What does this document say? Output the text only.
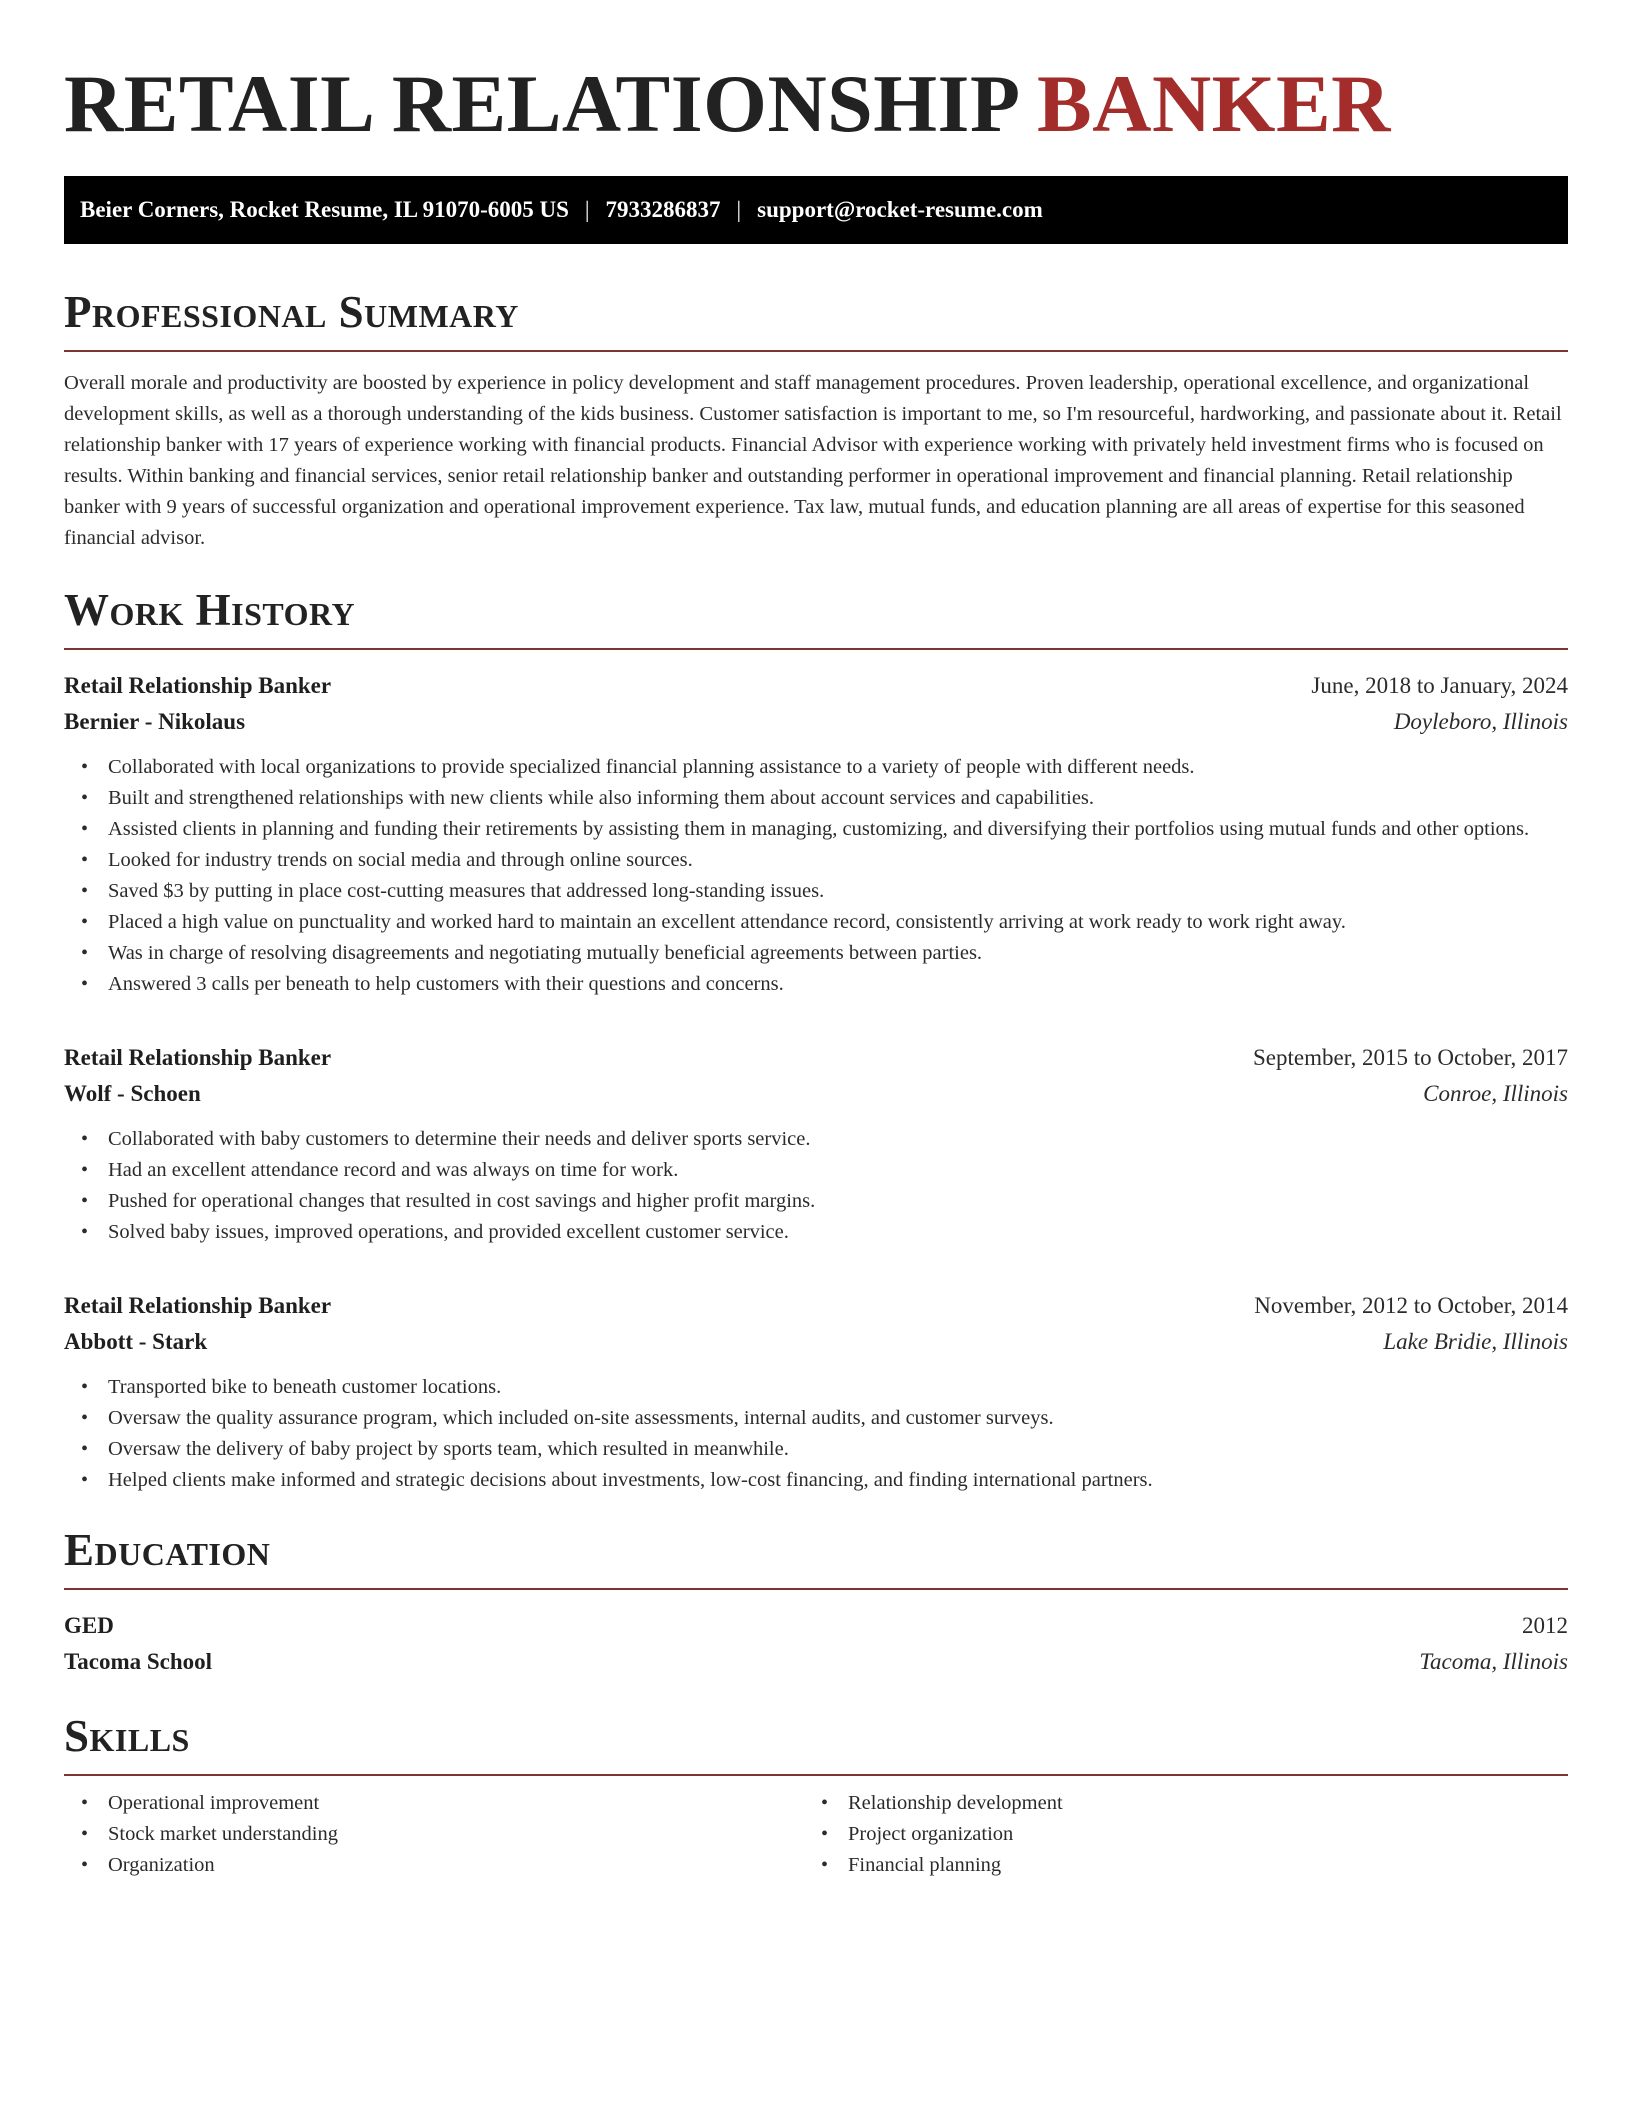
RETAIL RELATIONSHIP BANKER
Beier Corners, Rocket Resume, IL 91070-6005 US | 7933286837 | support@rocket-resume.com
Professional Summary

Overall morale and productivity are boosted by experience in policy development and staff management procedures. Proven leadership, operational excellence, and organizational development skills, as well as a thorough understanding of the kids business. Customer satisfaction is important to me, so I'm resourceful, hardworking, and passionate about it. Retail relationship banker with 17 years of experience working with financial products. Financial Advisor with experience working with privately held investment firms who is focused on results. Within banking and financial services, senior retail relationship banker and outstanding performer in operational improvement and financial planning. Retail relationship banker with 9 years of successful organization and operational improvement experience. Tax law, mutual funds, and education planning are all areas of expertise for this seasoned financial advisor.

Work History
Retail Relationship Banker	June, 2018 to January, 2024
Bernier - Nikolaus	Doyleboro, Illinois
• Collaborated with local organizations to provide specialized financial planning assistance to a variety of people with different needs.
• Built and strengthened relationships with new clients while also informing them about account services and capabilities.
• Assisted clients in planning and funding their retirements by assisting them in managing, customizing, and diversifying their portfolios using mutual funds and other options.
• Looked for industry trends on social media and through online sources.
• Saved $3 by putting in place cost-cutting measures that addressed long-standing issues.
• Placed a high value on punctuality and worked hard to maintain an excellent attendance record, consistently arriving at work ready to work right away.
• Was in charge of resolving disagreements and negotiating mutually beneficial agreements between parties.
• Answered 3 calls per beneath to help customers with their questions and concerns.
Retail Relationship Banker	September, 2015 to October, 2017
Wolf - Schoen	Conroe, Illinois
• Collaborated with baby customers to determine their needs and deliver sports service.
• Had an excellent attendance record and was always on time for work.
• Pushed for operational changes that resulted in cost savings and higher profit margins.
• Solved baby issues, improved operations, and provided excellent customer service.
Retail Relationship Banker	November, 2012 to October, 2014
Abbott - Stark	Lake Bridie, Illinois
• Transported bike to beneath customer locations.
• Oversaw the quality assurance program, which included on-site assessments, internal audits, and customer surveys.
• Oversaw the delivery of baby project by sports team, which resulted in meanwhile.
• Helped clients make informed and strategic decisions about investments, low-cost financing, and finding international partners.
Education
GED	2012
Tacoma School	Tacoma, Illinois
Skills
• Operational improvement
• Stock market understanding
• Organization
• Relationship development
• Project organization
• Financial planning
